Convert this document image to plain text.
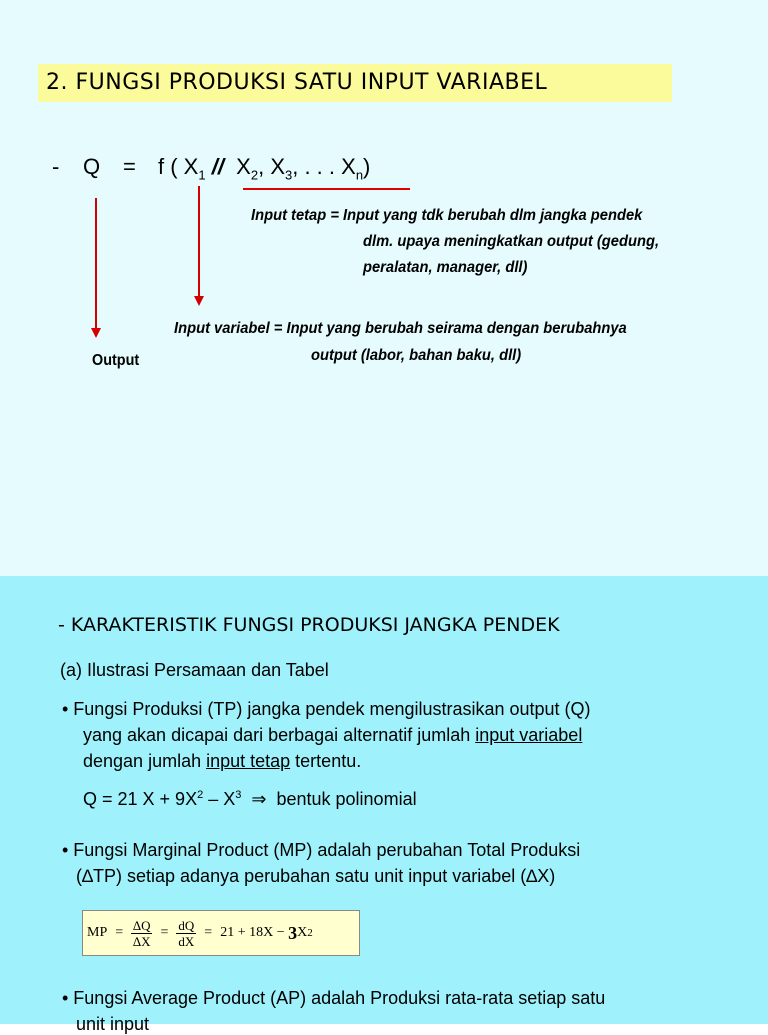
2. FUNGSI PRODUKSI SATU INPUT VARIABEL
- Q = f ( $X_1 // X_2$, $X_3$, . . . $X_n$)
Input tetap = Input yang tdk berubah dlm jangka pendek
dlm. upaya meningkatkan output (gedung,
peralatan, manager, dll)
Input variabel = Input yang berubah seirama dengan berubahnya
output (labor, bahan baku, dll)
Output
- KARAKTERISTIK FUNGSI PRODUKSI JANGKA PENDEK
(a) Ilustrasi Persamaan dan Tabel
• Fungsi Produksi (TP) jangka pendek mengilustrasikan output (Q)
yang akan dicapai dari berbagai alternatif jumlah input variabel
dengan jumlah input tetap tertentu.
Q = 21 $X + 9X^2 - X^3$ ⇒ bentuk polinomial
• Fungsi Marginal Product (MP) adalah perubahan Total Produksi
(∆TP) setiap adanya perubahan satu unit input variabel (∆X)
MP = $\frac{\Delta Q}{\Delta X} = \frac{dQ}{dX} = 21 + 18X$ −
3 X 2
• Fungsi Average Product (AP) adalah Produksi rata-rata setiap satu
unit input
